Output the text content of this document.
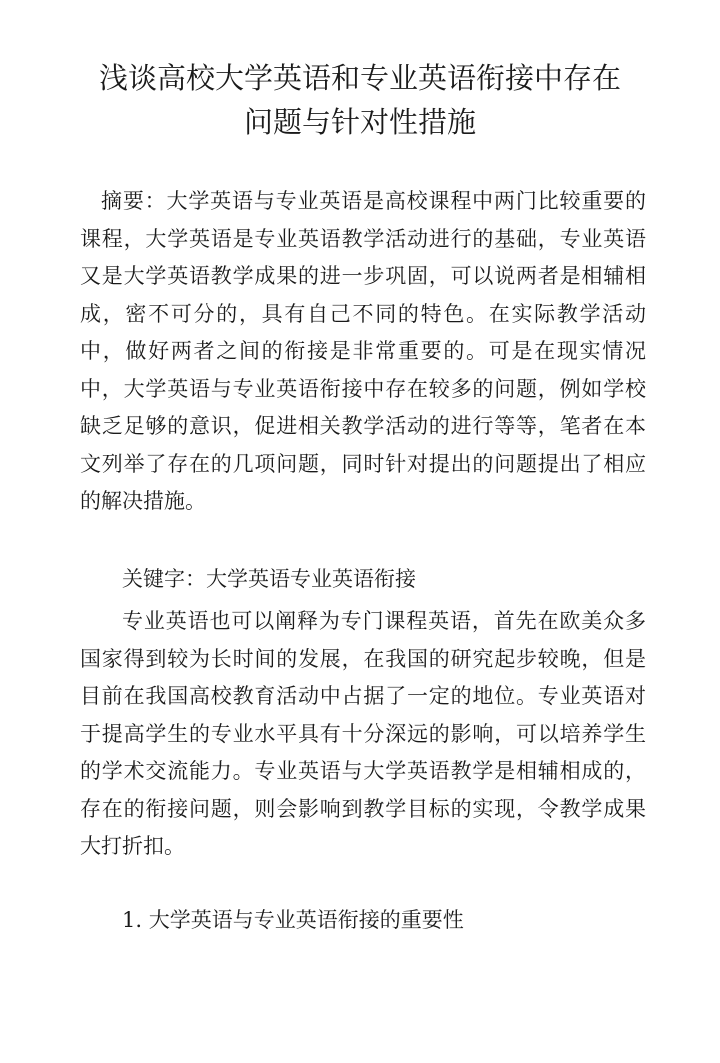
浅谈高校大学英语和专业英语衔接中存在
问题与针对性措施

摘要：大学英语与专业英语是高校课程中两门比较重要的课程，大学英语是专业英语教学活动进行的基础，专业英语又是大学英语教学成果的进一步巩固，可以说两者是相辅相成，密不可分的，具有自己不同的特色。在实际教学活动中，做好两者之间的衔接是非常重要的。可是在现实情况中，大学英语与专业英语衔接中存在较多的问题，例如学校缺乏足够的意识，促进相关教学活动的进行等等，笔者在本文列举了存在的几项问题，同时针对提出的问题提出了相应的解决措施。

关键字：大学英语专业英语衔接

专业英语也可以阐释为专门课程英语，首先在欧美众多国家得到较为长时间的发展，在我国的研究起步较晚，但是目前在我国高校教育活动中占据了一定的地位。专业英语对于提高学生的专业水平具有十分深远的影响，可以培养学生的学术交流能力。专业英语与大学英语教学是相辅相成的，存在的衔接问题，则会影响到教学目标的实现，令教学成果大打折扣。

1. 大学英语与专业英语衔接的重要性
